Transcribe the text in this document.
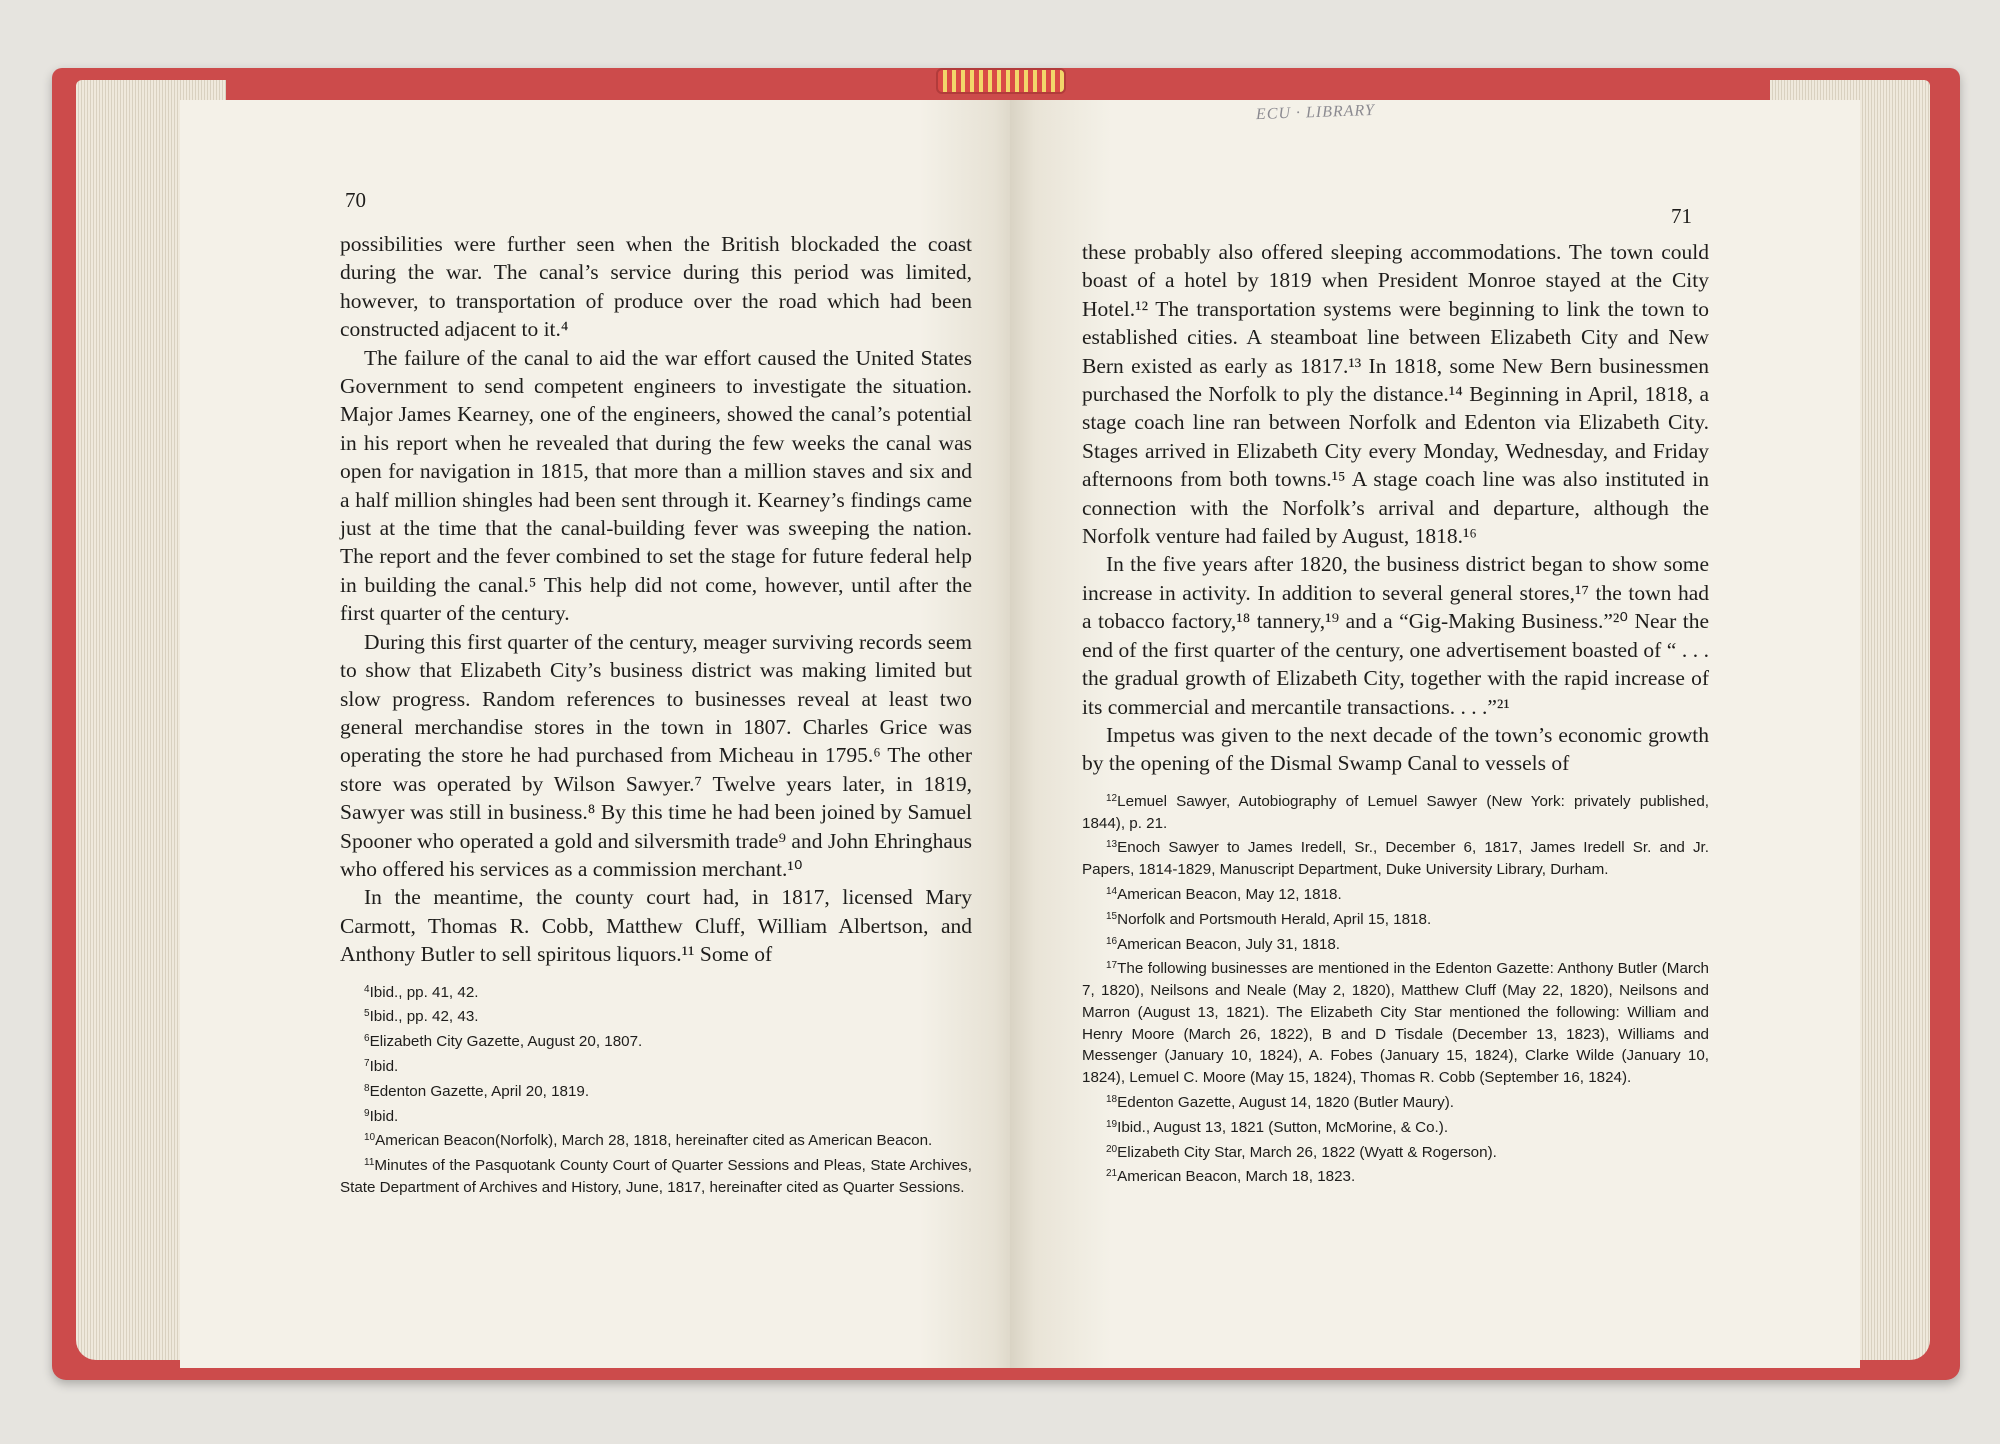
70

possibilities were further seen when the British blockaded the coast during the war. The canal’s service during this period was limited, however, to transportation of produce over the road which had been constructed adjacent to it.⁴

The failure of the canal to aid the war effort caused the United States Government to send competent engineers to investigate the situation. Major James Kearney, one of the engineers, showed the canal’s potential in his report when he revealed that during the few weeks the canal was open for navigation in 1815, that more than a million staves and six and a half million shingles had been sent through it. Kearney’s findings came just at the time that the canal-building fever was sweeping the nation. The report and the fever combined to set the stage for future federal help in building the canal.⁵ This help did not come, however, until after the first quarter of the century.

During this first quarter of the century, meager surviving records seem to show that Elizabeth City’s business district was making limited but slow progress. Random references to businesses reveal at least two general merchandise stores in the town in 1807. Charles Grice was operating the store he had purchased from Micheau in 1795.⁶ The other store was operated by Wilson Sawyer.⁷ Twelve years later, in 1819, Sawyer was still in business.⁸ By this time he had been joined by Samuel Spooner who operated a gold and silversmith trade⁹ and John Ehringhaus who offered his services as a commission merchant.¹⁰

In the meantime, the county court had, in 1817, licensed Mary Carmott, Thomas R. Cobb, Matthew Cluff, William Albertson, and Anthony Butler to sell spiritous liquors.¹¹ Some of

$^4$Ibid., pp. 41, 42.

$^5$Ibid., pp. 42, 43.

$^6$Elizabeth City Gazette, August 20, 1807.

$^7$Ibid.

$^8$Edenton Gazette, April 20, 1819.

$^9$Ibid.

$^{10}$American Beacon(Norfolk), March 28, 1818, hereinafter cited as American Beacon.

$^{11}$Minutes of the Pasquotank County Court of Quarter Sessions and Pleas, State Archives, State Department of Archives and History, June, 1817, hereinafter cited as Quarter Sessions.

71

these probably also offered sleeping accommodations. The town could boast of a hotel by 1819 when President Monroe stayed at the City Hotel.¹² The transportation systems were beginning to link the town to established cities. A steamboat line between Elizabeth City and New Bern existed as early as 1817.¹³ In 1818, some New Bern businessmen purchased the Norfolk to ply the distance.¹⁴ Beginning in April, 1818, a stage coach line ran between Norfolk and Edenton via Elizabeth City. Stages arrived in Elizabeth City every Monday, Wednesday, and Friday afternoons from both towns.¹⁵ A stage coach line was also instituted in connection with the Norfolk’s arrival and departure, although the Norfolk venture had failed by August, 1818.¹⁶

In the five years after 1820, the business district began to show some increase in activity. In addition to several general stores,¹⁷ the town had a tobacco factory,¹⁸ tannery,¹⁹ and a “Gig-Making Business.”²⁰ Near the end of the first quarter of the century, one advertisement boasted of “ . . . the gradual growth of Elizabeth City, together with the rapid increase of its commercial and mercantile transactions. . . .”²¹

Impetus was given to the next decade of the town’s economic growth by the opening of the Dismal Swamp Canal to vessels of

$^{12}$Lemuel Sawyer, Autobiography of Lemuel Sawyer (New York: privately published, 1844), p. 21.

$^{13}$Enoch Sawyer to James Iredell, Sr., December 6, 1817, James Iredell Sr. and Jr. Papers, 1814-1829, Manuscript Department, Duke University Library, Durham.

$^{14}$American Beacon, May 12, 1818.

$^{15}$Norfolk and Portsmouth Herald, April 15, 1818.

$^{16}$American Beacon, July 31, 1818.

$^{17}$The following businesses are mentioned in the Edenton Gazette: Anthony Butler (March 7, 1820), Neilsons and Neale (May 2, 1820), Matthew Cluff (May 22, 1820), Neilsons and Marron (August 13, 1821). The Elizabeth City Star mentioned the following: William and Henry Moore (March 26, 1822), B and D Tisdale (December 13, 1823), Williams and Messenger (January 10, 1824), A. Fobes (January 15, 1824), Clarke Wilde (January 10, 1824), Lemuel C. Moore (May 15, 1824), Thomas R. Cobb (September 16, 1824).

$^{18}$Edenton Gazette, August 14, 1820 (Butler Maury).

$^{19}$Ibid., August 13, 1821 (Sutton, McMorine, & Co.).

$^{20}$Elizabeth City Star, March 26, 1822 (Wyatt & Rogerson).

$^{21}$American Beacon, March 18, 1823.

ECU · LIBRARY
